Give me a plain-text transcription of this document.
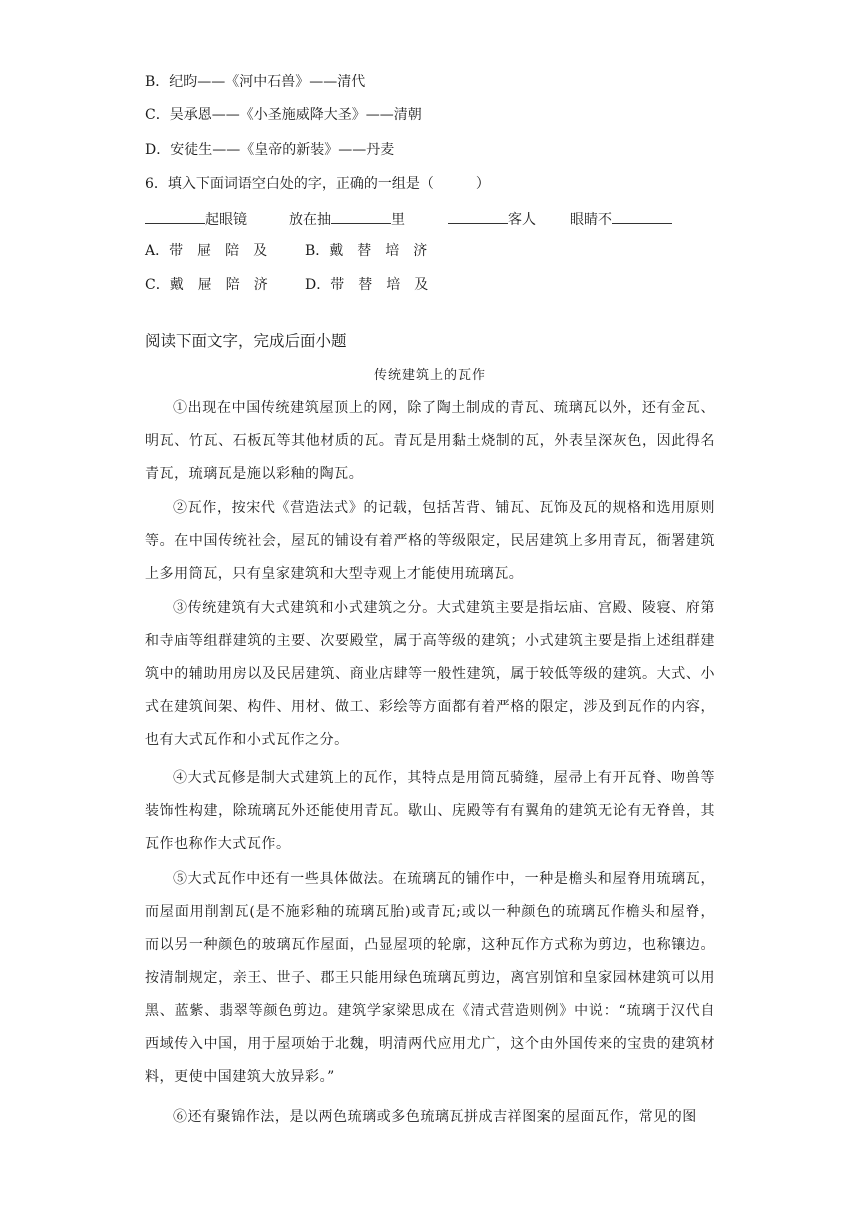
B．纪昀——《河中石兽》——清代
C．吴承恩——《小圣施威降大圣》——清朝
D．安徒生——《皇帝的新装》——丹麦
6．填入下面词语空白处的字，正确的一组是（　　　）
起眼镜	放在抽	里	客人 眼睛不
A．带　屉　陪　及	B．戴　替　培　济
C．戴　屉　陪　济	D．带　替　培　及
阅读下面文字，完成后面小题
传统建筑上的瓦作
①出现在中国传统建筑屋顶上的网，除了陶土制成的青瓦、琉璃瓦以外，还有金瓦、明瓦、竹瓦、石板瓦等其他材质的瓦。青瓦是用黏土烧制的瓦，外表呈深灰色，因此得名青瓦，琉璃瓦是施以彩釉的陶瓦。
②瓦作，按宋代《营造法式》的记载，包括苫背、铺瓦、瓦饰及瓦的规格和选用原则等。在中国传统社会，屋瓦的铺设有着严格的等级限定，民居建筑上多用青瓦，衙署建筑上多用筒瓦，只有皇家建筑和大型寺观上才能使用琉璃瓦。
③传统建筑有大式建筑和小式建筑之分。大式建筑主要是指坛庙、宫殿、陵寝、府第和寺庙等组群建筑的主要、次要殿堂，属于高等级的建筑；小式建筑主要是指上述组群建筑中的辅助用房以及民居建筑、商业店肆等一般性建筑，属于较低等级的建筑。大式、小式在建筑间架、构件、用材、做工、彩绘等方面都有着严格的限定，涉及到瓦作的内容，也有大式瓦作和小式瓦作之分。
④大式瓦修是制大式建筑上的瓦作，其特点是用筒瓦骑缝，屋帚上有开瓦脊、吻兽等装饰性构建，除琉璃瓦外还能使用青瓦。歇山、庑殿等有有翼角的建筑无论有无脊兽，其瓦作也称作大式瓦作。
⑤大式瓦作中还有一些具体做法。在琉璃瓦的铺作中，一种是檐头和屋脊用琉璃瓦，而屋面用削割瓦(是不施彩釉的琉璃瓦胎)或青瓦;或以一种颜色的琉璃瓦作檐头和屋脊，而以另一种颜色的玻璃瓦作屋面，凸显屋项的轮廓，这种瓦作方式称为剪边，也称镶边。按清制规定，亲王、世子、郡王只能用绿色琉璃瓦剪边，离宫别馆和皇家园林建筑可以用黑、蓝紫、翡翠等颜色剪边。建筑学家梁思成在《清式营造则例》中说：“琉璃于汉代自西域传入中国，用于屋项始于北魏，明清两代应用尤广，这个由外国传来的宝贵的建筑材料，更使中国建筑大放异彩。”
⑥还有聚锦作法，是以两色琉璃或多色琉璃瓦拼成吉祥图案的屋面瓦作，常见的图
